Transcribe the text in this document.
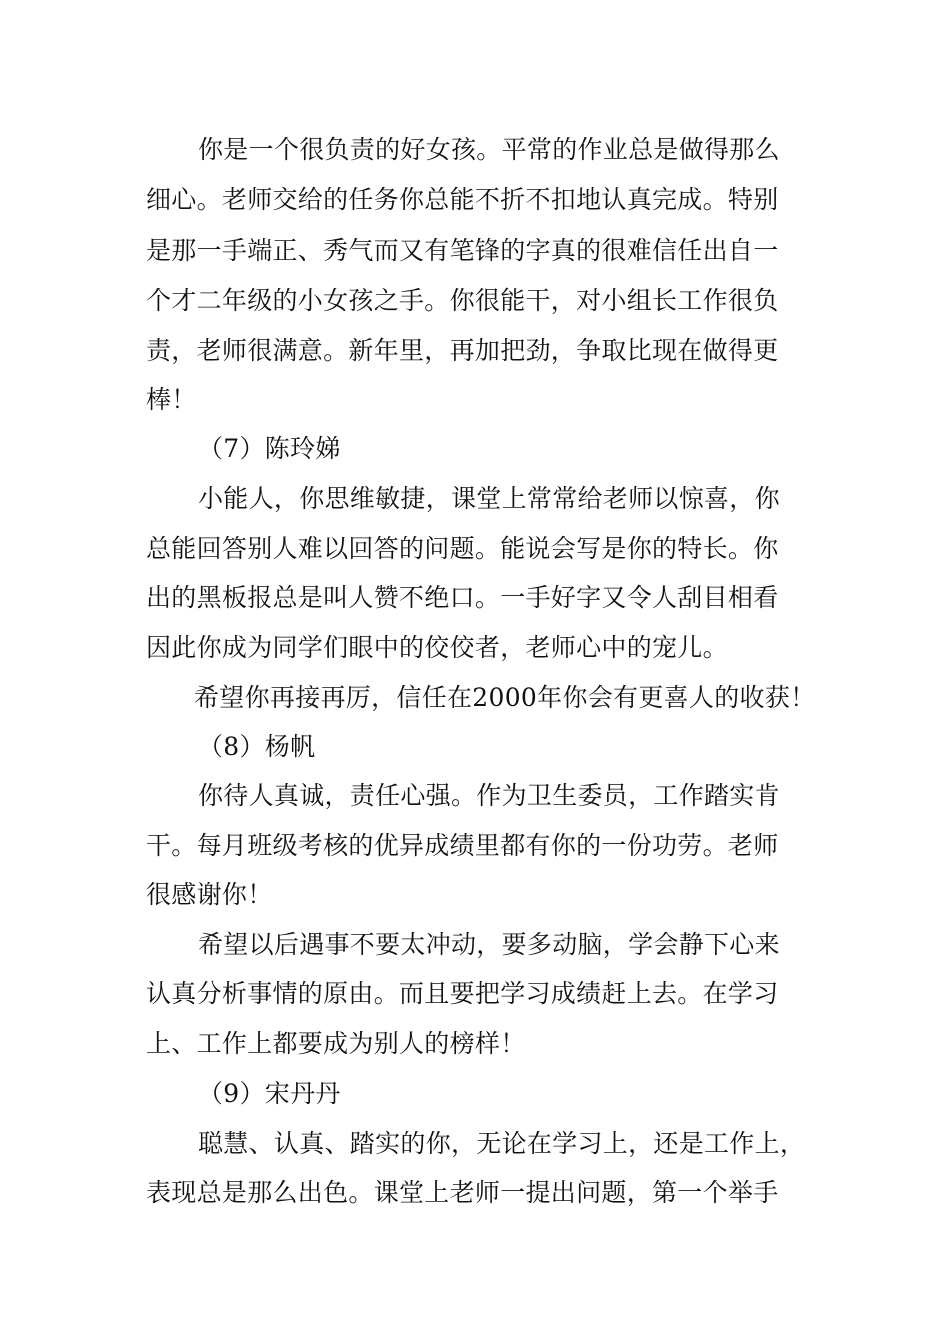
你是一个很负责的好女孩。平常的作业总是做得那么
细心。老师交给的任务你总能不折不扣地认真完成。特别
是那一手端正、秀气而又有笔锋的字真的很难信任出自一
个才二年级的小女孩之手。你很能干，对小组长工作很负
责，老师很满意。新年里，再加把劲，争取比现在做得更
棒！
（7）陈玲娣
小能人，你思维敏捷，课堂上常常给老师以惊喜，你
总能回答别人难以回答的问题。能说会写是你的特长。你
出的黑板报总是叫人赞不绝口。一手好字又令人刮目相看
因此你成为同学们眼中的佼佼者，老师心中的宠儿。
希望你再接再厉，信任在2000年你会有更喜人的收获！
（8）杨帆
你待人真诚，责任心强。作为卫生委员，工作踏实肯
干。每月班级考核的优异成绩里都有你的一份功劳。老师
很感谢你！
希望以后遇事不要太冲动，要多动脑，学会静下心来
认真分析事情的原由。而且要把学习成绩赶上去。在学习
上、工作上都要成为别人的榜样！
（9）宋丹丹
聪慧、认真、踏实的你，无论在学习上，还是工作上，
表现总是那么出色。课堂上老师一提出问题，第一个举手
